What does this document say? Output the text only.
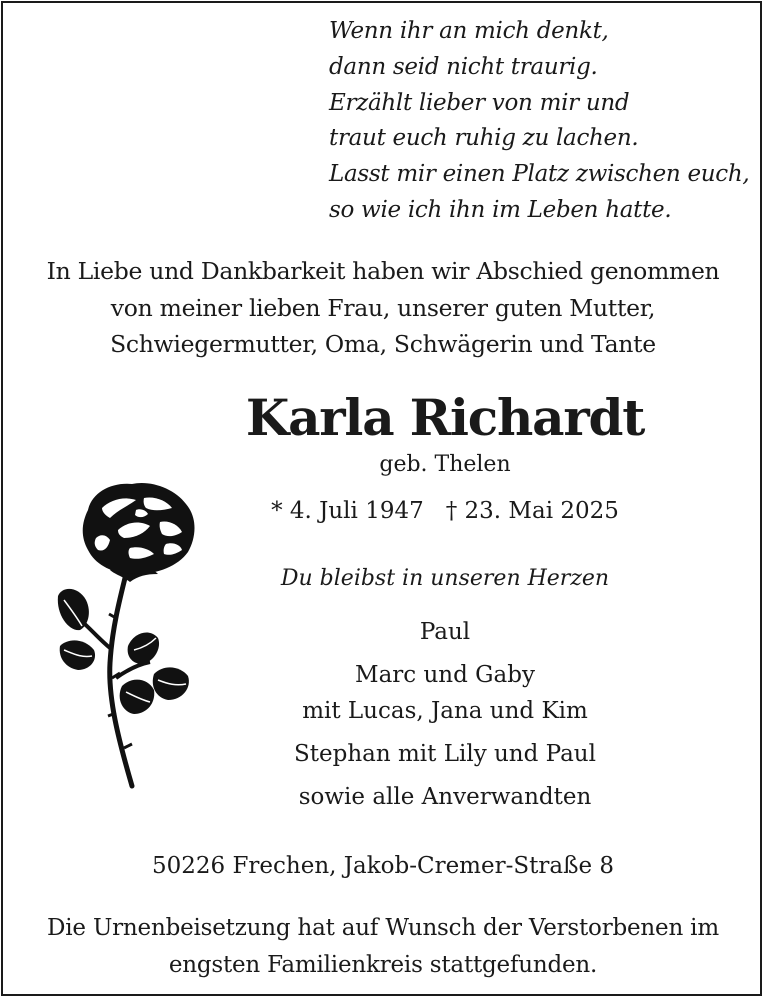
Wenn ihr an mich denkt,
dann seid nicht traurig.
Erzählt lieber von mir und
traut euch ruhig zu lachen.
Lasst mir einen Platz zwischen euch,
so wie ich ihn im Leben hatte.
In Liebe und Dankbarkeit haben wir Abschied genommen
von meiner lieben Frau, unserer guten Mutter,
Schwiegermutter, Oma, Schwägerin und Tante
Karla Richardt
geb. Thelen
* 4. Juli 1947 † 23. Mai 2025
Du bleibst in unseren Herzen
Paul
Marc und Gaby
mit Lucas, Jana und Kim
Stephan mit Lily und Paul
sowie alle Anverwandten
50226 Frechen, Jakob-Cremer-Straße 8
Die Urnenbeisetzung hat auf Wunsch der Verstorbenen im
engsten Familienkreis stattgefunden.
